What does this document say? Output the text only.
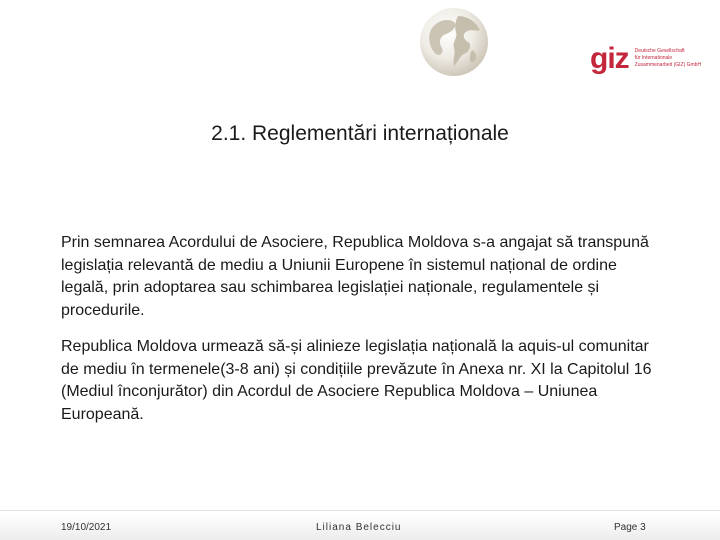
giz Deutsche Gesellschaft
für Internationale
Zusammenarbeit (GIZ) GmbH
2.1. Reglementări internaționale

Prin semnarea Acordului de Asociere, Republica Moldova s-a angajat să transpună legislația relevantă de mediu a Uniunii Europene în sistemul național de ordine legală, prin adoptarea sau schimbarea legislației naționale, regulamentele și procedurile.

Republica Moldova urmează să-și alinieze legislația națională la aquis-ul comunitar de mediu în termenele(3-8 ani) și condițiile prevăzute în Anexa nr. XI la Capitolul 16 (Mediul înconjurător) din Acordul de Asociere Republica Moldova – Uniunea Europeană.

19/10/2021	Liliana Belecciu	Page 3
